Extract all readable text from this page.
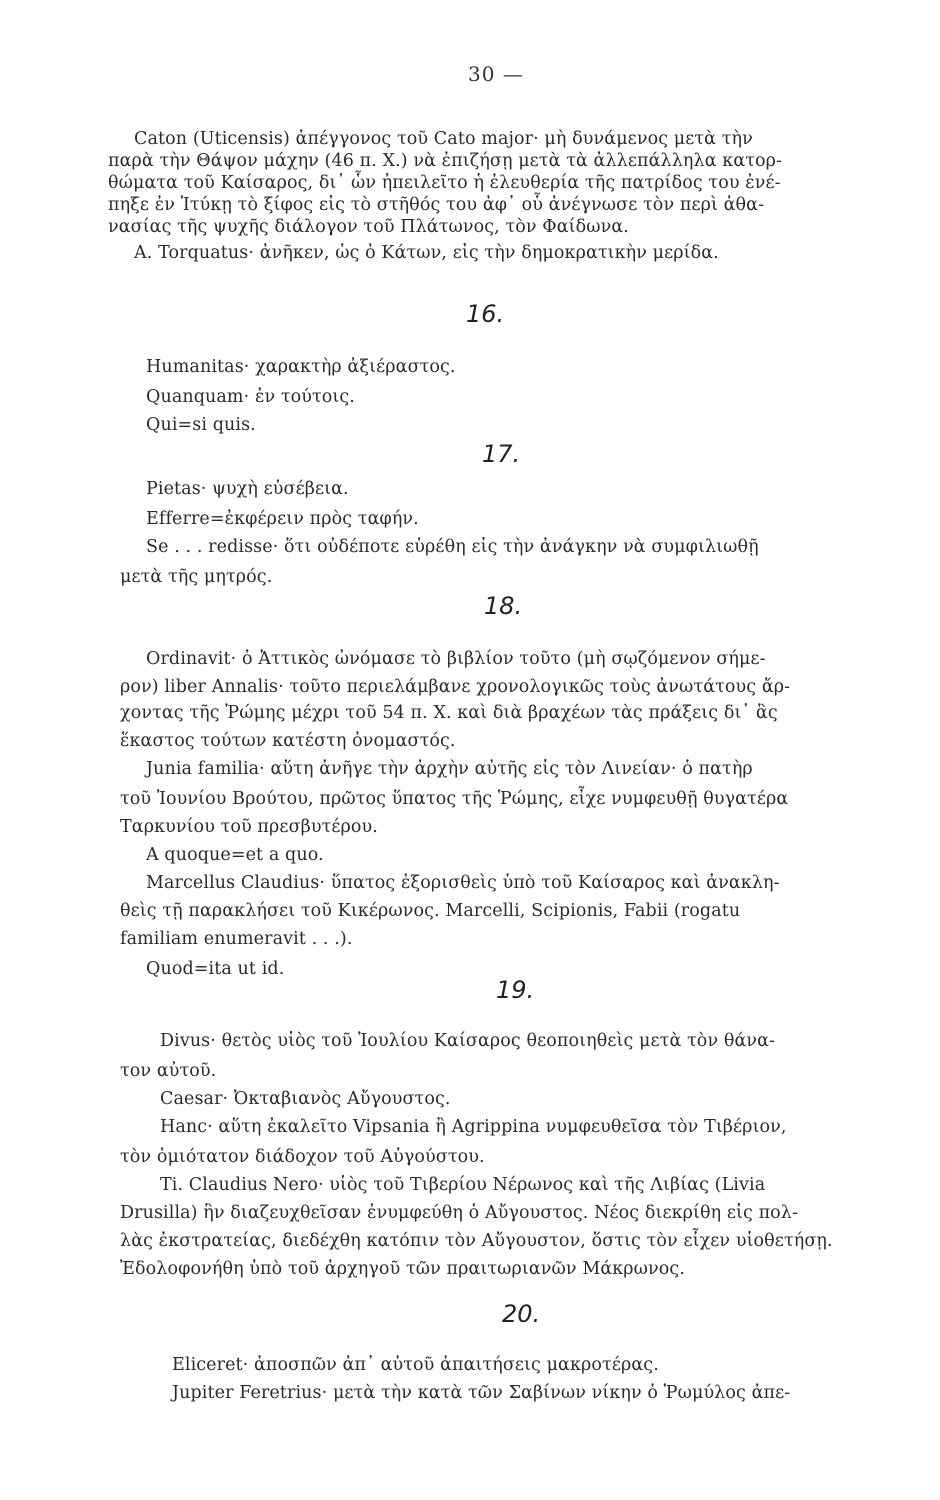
30 —
Caton (Uticensis) ἀπέγγονος τοῦ Cato major· μὴ δυνάμενος μετὰ τὴν
παρὰ τὴν Θάψον μάχην (46 π. Χ.) νὰ ἐπιζήσῃ μετὰ τὰ ἀλλεπάλληλα κατορ-
θώματα τοῦ Καίσαρος, δι᾽ ὧν ἠπειλεῖτο ἡ ἐλευθερία τῆς πατρίδος του ἐνέ-
πηξε ἐν Ἰτύκῃ τὸ ξίφος εἰς τὸ στῆθός του ἀφ᾽ οὗ ἀνέγνωσε τὸν περὶ ἀθα-
νασίας τῆς ψυχῆς διάλογον τοῦ Πλάτωνος, τὸν Φαίδωνα.
A. Torquatus· ἀνῆκεν, ὡς ὁ Κάτων, εἰς τὴν δημοκρατικὴν μερίδα.
16.
Humanitas· χαρακτὴρ ἀξιέραστος.
Quanquam· ἐν τούτοις.
Qui=si quis.
17.
Pietas· ψυχὴ εὐσέβεια.
Efferre=ἐκφέρειν πρὸς ταφήν.
Se . . . redisse· ὅτι οὐδέποτε εὑρέθη εἰς τὴν ἀνάγκην νὰ συμφιλιωθῇ
μετὰ τῆς μητρός.
18.
Ordinavit· ὁ Ἀττικὸς ὠνόμασε τὸ βιβλίον τοῦτο (μὴ σῳζόμενον σήμε-
ρον) liber Annalis· τοῦτο περιελάμβανε χρονολογικῶς τοὺς ἀνωτάτους ἄρ-
χοντας τῆς Ῥώμης μέχρι τοῦ 54 π. Χ. καὶ διὰ βραχέων τὰς πράξεις δι᾽ ἃς
ἕκαστος τούτων κατέστη ὀνομαστός.
Junia familia· αὕτη ἀνῆγε τὴν ἀρχὴν αὐτῆς εἰς τὸν Λινείαν· ὁ πατὴρ
τοῦ Ἰουνίου Βρούτου, πρῶτος ὕπατος τῆς Ῥώμης, εἶχε νυμφευθῇ θυγατέρα
Ταρκυνίου τοῦ πρεσβυτέρου.
A quoque=et a quo.
Marcellus Claudius· ὕπατος ἐξορισθεὶς ὑπὸ τοῦ Καίσαρος καὶ ἀνακλη-
θεὶς τῇ παρακλήσει τοῦ Κικέρωνος. Marcelli, Scipionis, Fabii (rogatu
familiam enumeravit . . .).
Quod=ita ut id.
19.
Divus· θετὸς υἱὸς τοῦ Ἰουλίου Καίσαρος θεοποιηθεὶς μετὰ τὸν θάνα-
τον αὐτοῦ.
Caesar· Ὀκταβιανὸς Αὔγουστος.
Hanc· αὕτη ἐκαλεῖτο Vipsania ἢ Agrippina νυμφευθεῖσα τὸν Τιβέριον,
τὸν ὁμιότατον διάδοχον τοῦ Αὐγούστου.
Ti. Claudius Nero· υἱὸς τοῦ Τιβερίου Νέρωνος καὶ τῆς Λιβίας (Livia
Drusilla) ἣν διαζευχθεῖσαν ἐνυμφεύθη ὁ Αὔγουστος. Νέος διεκρίθη εἰς πολ-
λὰς ἐκστρατείας, διεδέχθη κατόπιν τὸν Αὔγουστον, ὅστις τὸν εἶχεν υἱοθετήσῃ.
Ἐδολοφονήθη ὑπὸ τοῦ ἀρχηγοῦ τῶν πραιτωριανῶν Μάκρωνος.
20.
Eliceret· ἀποσπῶν ἀπ᾽ αὐτοῦ ἀπαιτήσεις μακροτέρας.
Jupiter Feretrius· μετὰ τὴν κατὰ τῶν Σαβίνων νίκην ὁ Ῥωμύλος ἀπε-
